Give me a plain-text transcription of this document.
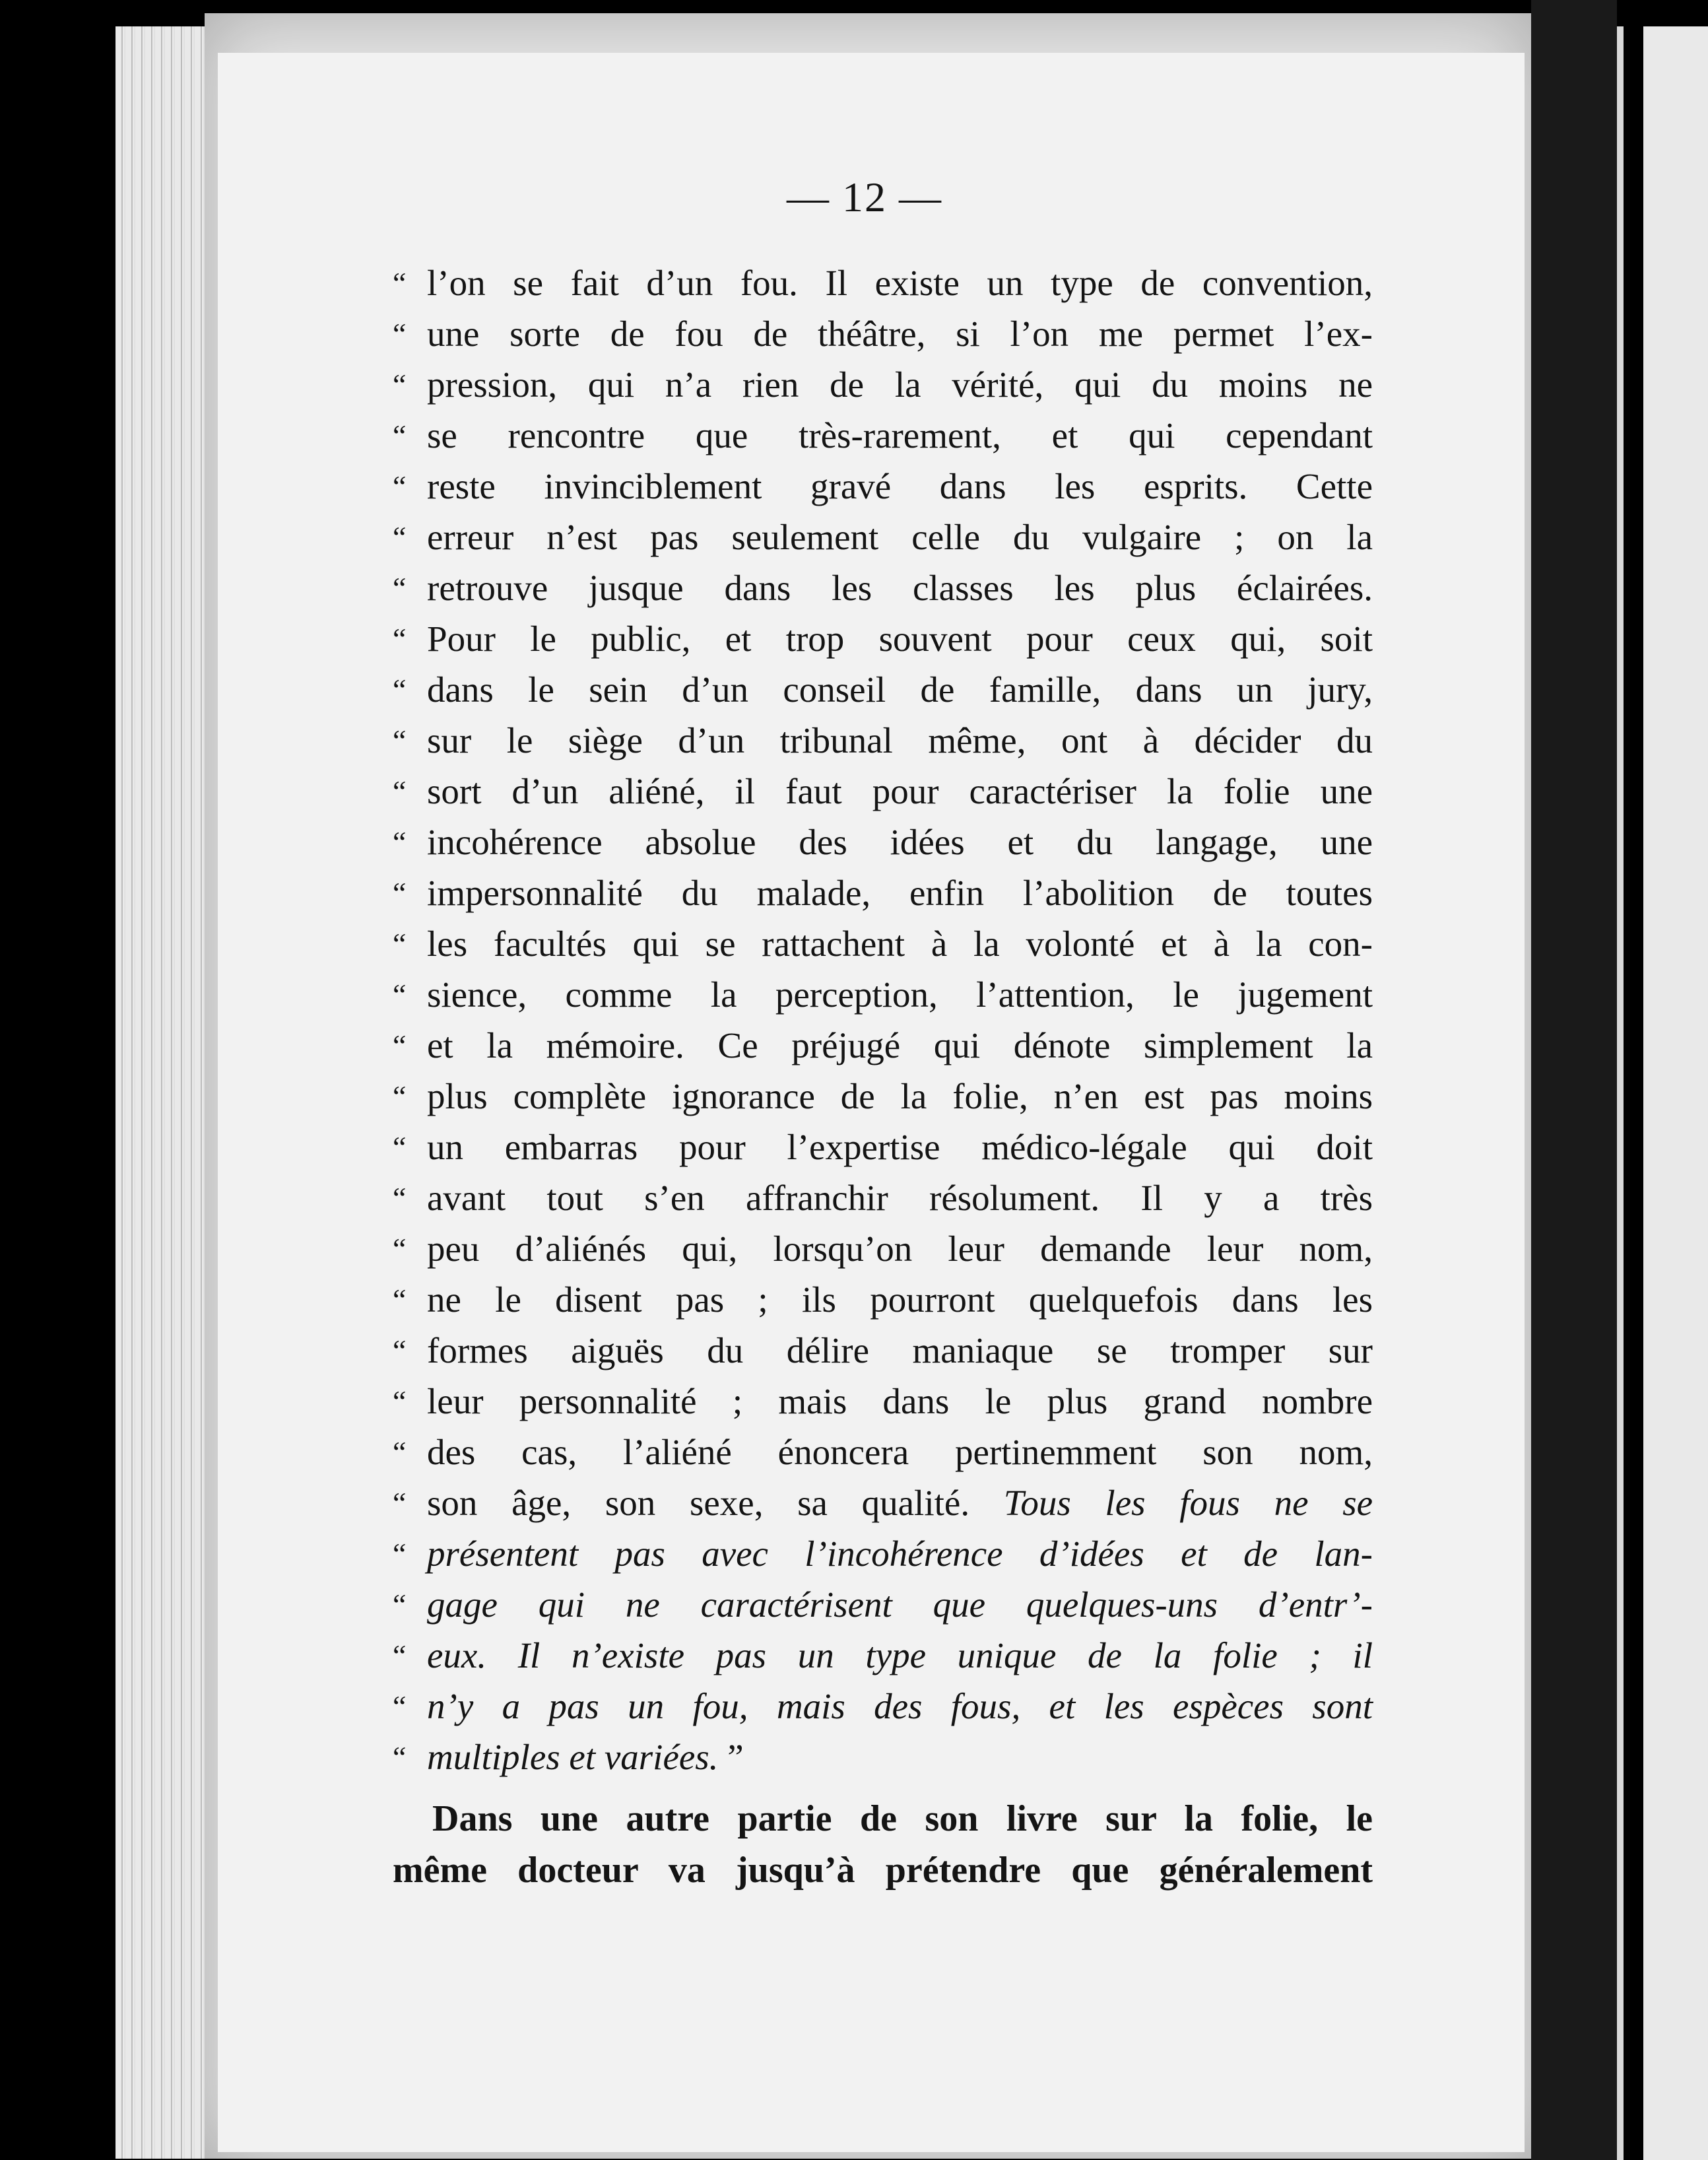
— 12 —
“ l’on se fait d’un fou. Il existe un type de convention,
“ une sorte de fou de théâtre, si l’on me permet l’ex-
“ pression, qui n’a rien de la vérité, qui du moins ne
“ se rencontre que très-rarement, et qui cependant
“ reste invinciblement gravé dans les esprits. Cette
“ erreur n’est pas seulement celle du vulgaire ; on la
“ retrouve jusque dans les classes les plus éclairées.
“ Pour le public, et trop souvent pour ceux qui, soit
“ dans le sein d’un conseil de famille, dans un jury,
“ sur le siège d’un tribunal même, ont à décider du
“ sort d’un aliéné, il faut pour caractériser la folie une
“ incohérence absolue des idées et du langage, une
“ impersonnalité du malade, enfin l’abolition de toutes
“ les facultés qui se rattachent à la volonté et à la con-
“ sience, comme la perception, l’attention, le jugement
“ et la mémoire. Ce préjugé qui dénote simplement la
“ plus complète ignorance de la folie, n’en est pas moins
“ un embarras pour l’expertise médico-légale qui doit
“ avant tout s’en affranchir résolument. Il y a très
“ peu d’aliénés qui, lorsqu’on leur demande leur nom,
“ ne le disent pas ; ils pourront quelquefois dans les
“ formes aiguës du délire maniaque se tromper sur
“ leur personnalité ; mais dans le plus grand nombre
“ des cas, l’aliéné énoncera pertinemment son nom,
“ son âge, son sexe, sa qualité. Tous les fous ne se
“ présentent pas avec l’incohérence d’idées et de lan-
“ gage qui ne caractérisent que quelques-uns d’entr’-
“ eux. Il n’existe pas un type unique de la folie ; il
“ n’y a pas un fou, mais des fous, et les espèces sont
“ multiples et variées. ”
Dans une autre partie de son livre sur la folie, le
même docteur va jusqu’à prétendre que généralement
